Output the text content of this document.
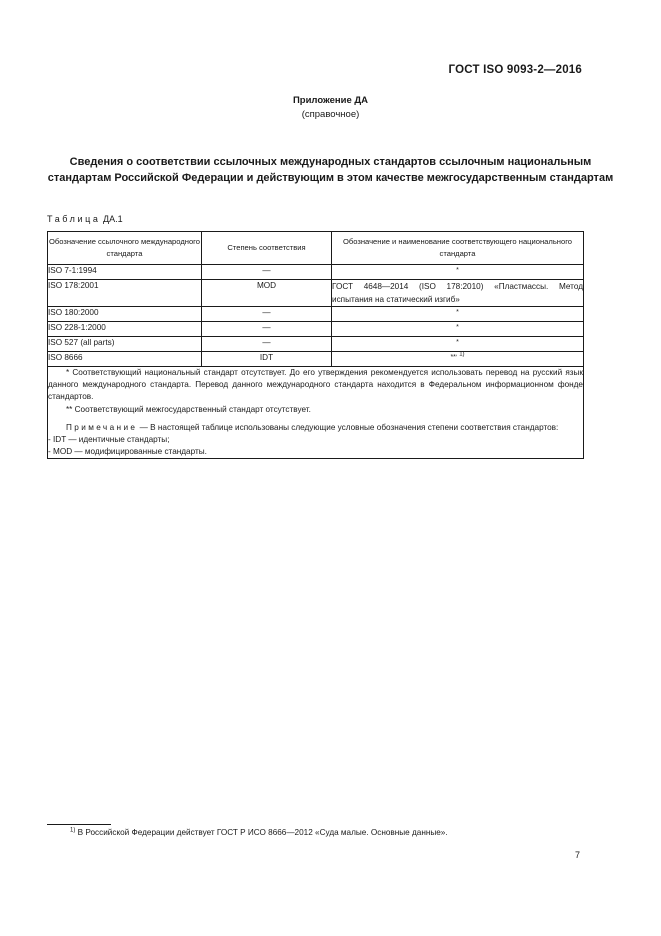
ГОСТ ISO 9093-2—2016
Приложение ДА
(справочное)
Сведения о соответствии ссылочных международных стандартов ссылочным национальным стандартам Российской Федерации и действующим в этом качестве межгосударственным стандартам
Таблица ДА.1
Обозначение ссылочного международного стандарта	Степень соответствия	Обозначение и наименование соответствующего национального стандарта
ISO 7-1:1994	—	*
ISO 178:2001	MOD	ГОСТ 4648—2014 (ISO 178:2010) «Пластмассы. Метод испытания на статический изгиб»
ISO 180:2000	—	*
ISO 228-1:2000	—	*
ISO 527 (all parts)	—	*
ISO 8666	IDT	**, 1)

* Соответствующий национальный стандарт отсутствует. До его утверждения рекомендуется использовать перевод на русский язык данного международного стандарта. Перевод данного международного стандарта находится в Федеральном информационном фонде стандартов.
** Соответствующий межгосударственный стандарт отсутствует.
Примечание — В настоящей таблице использованы следующие условные обозначения степени соответствия стандартов:
- IDT — идентичные стандарты;
- MOD — модифицированные стандарты.		
$^{1)}$ В Российской Федерации действует ГОСТ Р ИСО 8666—2012 «Суда малые. Основные данные».
7
